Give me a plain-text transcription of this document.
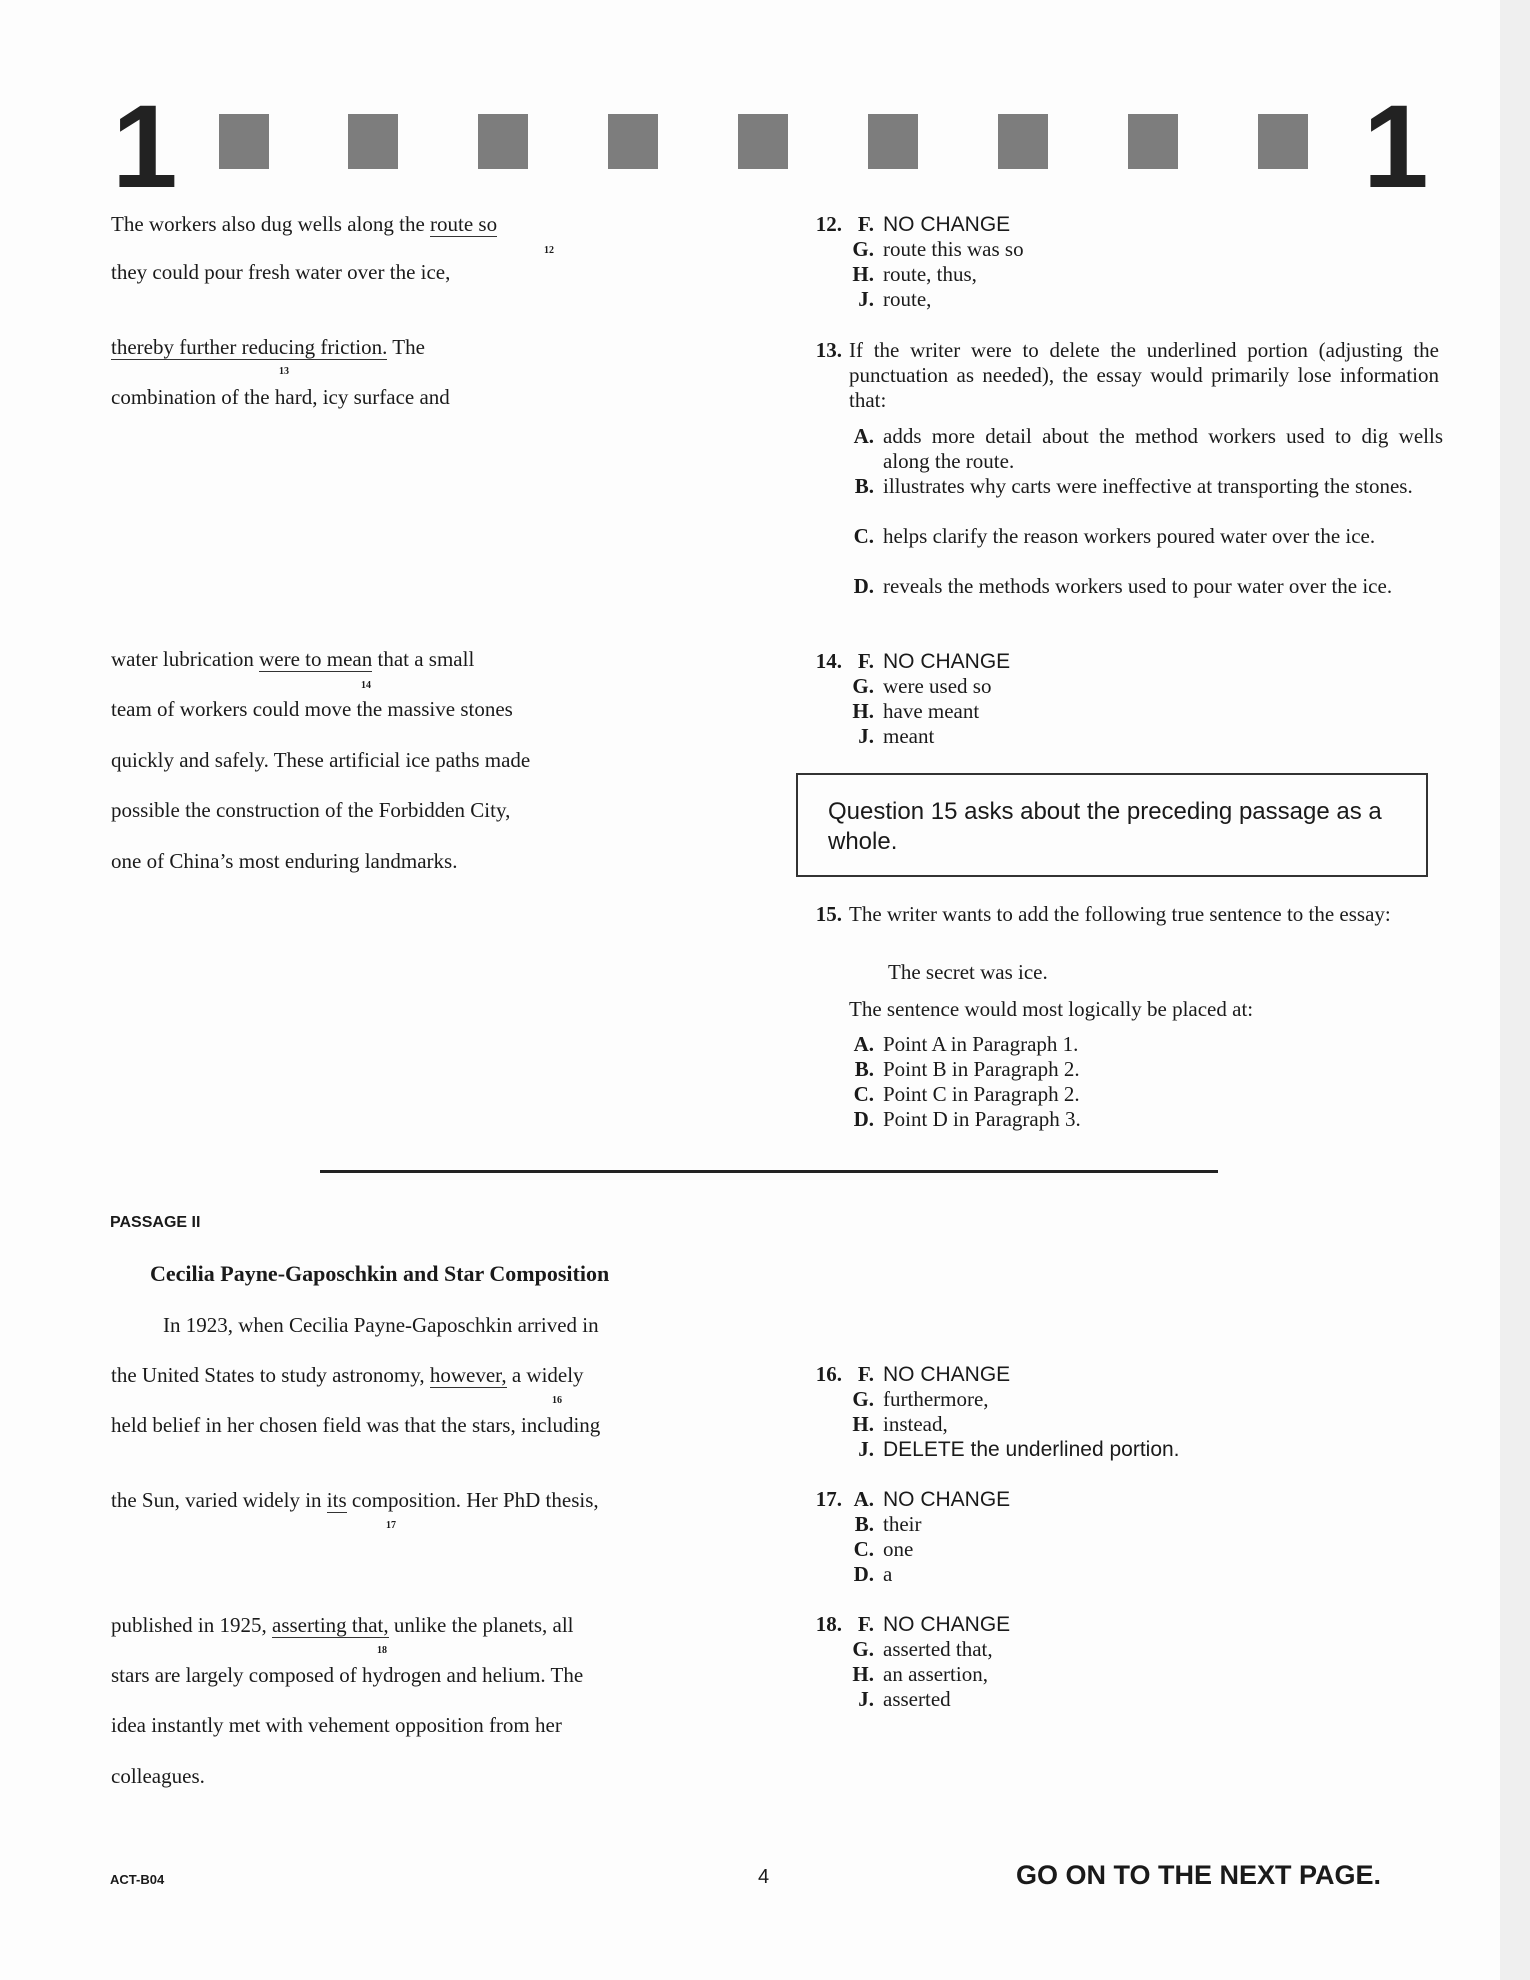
1	1
The workers also dug wells along the route so
12
they could pour fresh water over the ice,
thereby further reducing friction. The
13
combination of the hard, icy surface and
water lubrication were to mean that a small
14
team of workers could move the massive stones
quickly and safely. These artificial ice paths made
possible the construction of the Forbidden City,
one of China’s most enduring landmarks.
12. F. NO CHANGE
G. route this was so
H. route, thus,
J. route,
13. If the writer were to delete the underlined portion (adjusting the punctuation as needed), the essay would primarily lose information that:
A. adds more detail about the method workers used to dig wells along the route.
B. illustrates why carts were ineffective at transporting the stones.
C. helps clarify the reason workers poured water over the ice.
D. reveals the methods workers used to pour water over the ice.
14. F. NO CHANGE
G. were used so
H. have meant
J. meant
Question 15 asks about the preceding passage as a whole.
15. The writer wants to add the following true sentence to the essay:
The secret was ice.
The sentence would most logically be placed at:
A. Point A in Paragraph 1.
B. Point B in Paragraph 2.
C. Point C in Paragraph 2.
D. Point D in Paragraph 3.
PASSAGE II
Cecilia Payne-Gaposchkin and Star Composition
In 1923, when Cecilia Payne-Gaposchkin arrived in
the United States to study astronomy, however, a widely
16
held belief in her chosen field was that the stars, including
the Sun, varied widely in its composition. Her PhD thesis,
17
published in 1925, asserting that, unlike the planets, all
18
stars are largely composed of hydrogen and helium. The
idea instantly met with vehement opposition from her
colleagues.
16. F. NO CHANGE
G. furthermore,
H. instead,
J. DELETE the underlined portion.
17. A. NO CHANGE
B. their
C. one
D. a
18. F. NO CHANGE
G. asserted that,
H. an assertion,
J. asserted
ACT-B04	4	GO ON TO THE NEXT PAGE.
